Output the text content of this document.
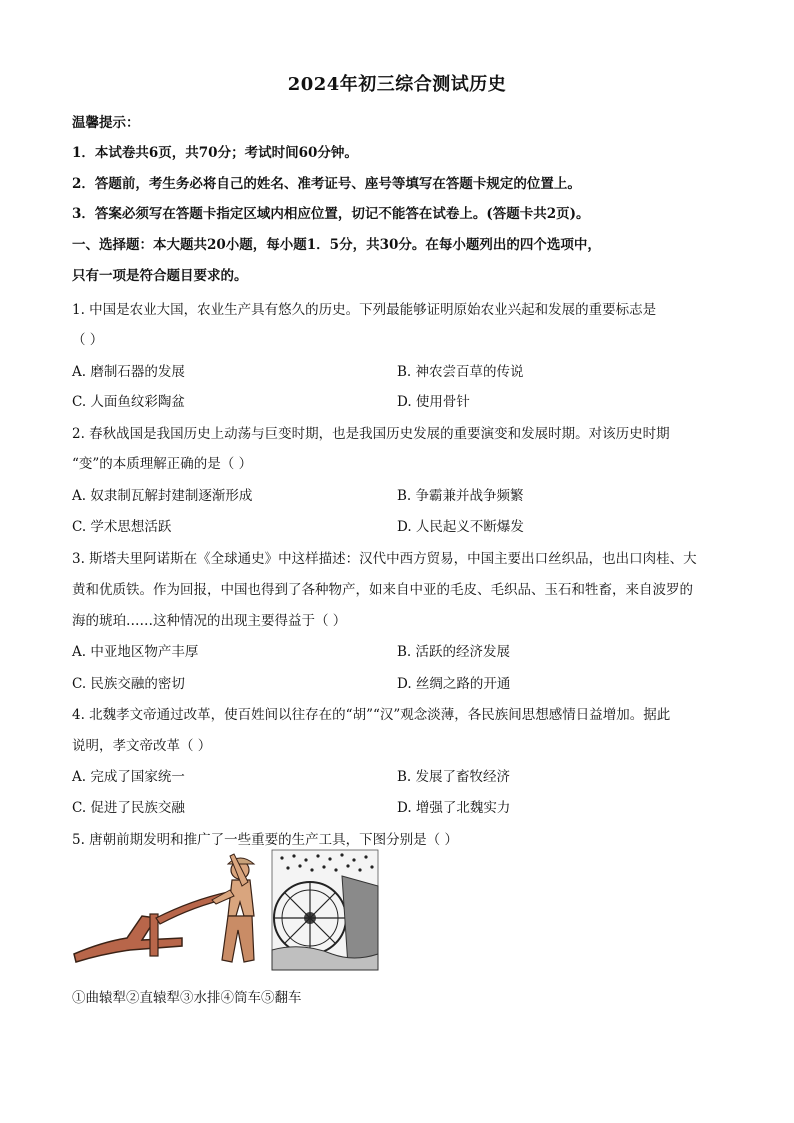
2024年初三综合测试历史
温馨提示：
1．本试卷共6页，共70分；考试时间60分钟。
2．答题前，考生务必将自己的姓名、准考证号、座号等填写在答题卡规定的位置上。
3．答案必须写在答题卡指定区域内相应位置，切记不能答在试卷上。(答题卡共2页)。
一、选择题：本大题共20小题，每小题1．5分，共30分。在每小题列出的四个选项中，
只有一项是符合题目要求的。
1. 中国是农业大国，农业生产具有悠久的历史。下列最能够证明原始农业兴起和发展的重要标志是
（ ）
A. 磨制石器的发展	B. 神农尝百草的传说
C. 人面鱼纹彩陶盆	D. 使用骨针
2. 春秋战国是我国历史上动荡与巨变时期，也是我国历史发展的重要演变和发展时期。对该历史时期
“变”的本质理解正确的是（ ）
A. 奴隶制瓦解封建制逐渐形成	B. 争霸兼并战争频繁
C. 学术思想活跃	D. 人民起义不断爆发
3. 斯塔夫里阿诺斯在《全球通史》中这样描述：汉代中西方贸易，中国主要出口丝织品，也出口肉桂、大
黄和优质铁。作为回报，中国也得到了各种物产，如来自中亚的毛皮、毛织品、玉石和牲畜，来自波罗的
海的琥珀……这种情况的出现主要得益于（ ）
A. 中亚地区物产丰厚	B. 活跃的经济发展
C. 民族交融的密切	D. 丝绸之路的开通
4. 北魏孝文帝通过改革，使百姓间以往存在的“胡”“汉”观念淡薄，各民族间思想感情日益增加。据此
说明，孝文帝改革（ ）
A. 完成了国家统一	B. 发展了畜牧经济
C. 促进了民族交融	D. 增强了北魏实力
5. 唐朝前期发明和推广了一些重要的生产工具，下图分别是（ ）
①曲辕犁②直辕犁③水排④筒车⑤翻车
